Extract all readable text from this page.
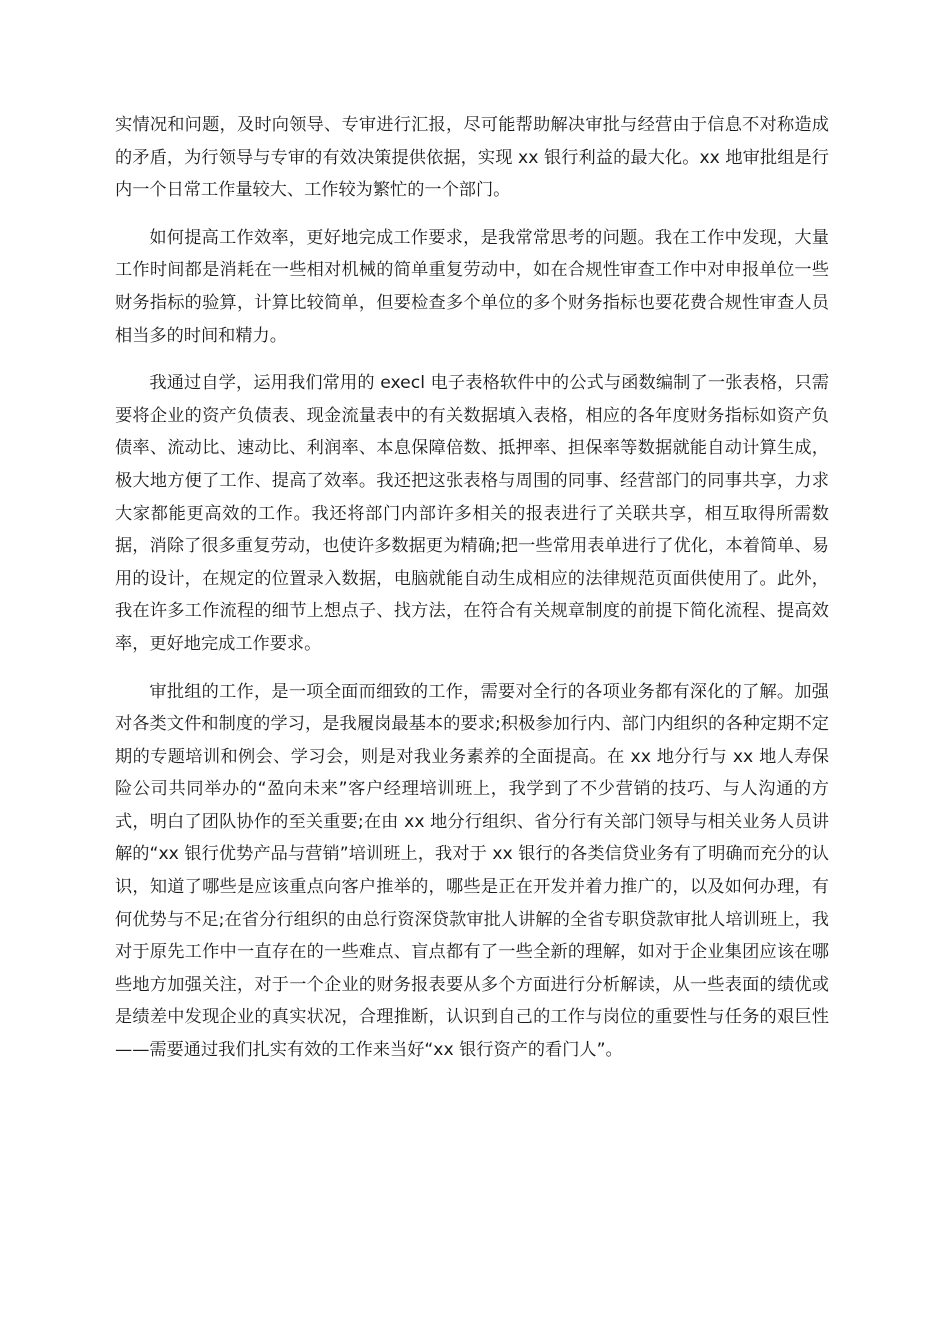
实情况和问题，及时向领导、专审进行汇报，尽可能帮助解决审批与经营由于信息不对称造成的矛盾，为行领导与专审的有效决策提供依据，实现 xx 银行利益的最大化。xx 地审批组是行内一个日常工作量较大、工作较为繁忙的一个部门。

如何提高工作效率，更好地完成工作要求，是我常常思考的问题。我在工作中发现，大量工作时间都是消耗在一些相对机械的简单重复劳动中，如在合规性审查工作中对申报单位一些财务指标的验算，计算比较简单，但要检查多个单位的多个财务指标也要花费合规性审查人员相当多的时间和精力。

我通过自学，运用我们常用的 execl 电子表格软件中的公式与函数编制了一张表格，只需要将企业的资产负债表、现金流量表中的有关数据填入表格，相应的各年度财务指标如资产负债率、流动比、速动比、利润率、本息保障倍数、抵押率、担保率等数据就能自动计算生成，极大地方便了工作、提高了效率。我还把这张表格与周围的同事、经营部门的同事共享，力求大家都能更高效的工作。我还将部门内部许多相关的报表进行了关联共享，相互取得所需数据，消除了很多重复劳动，也使许多数据更为精确;把一些常用表单进行了优化，本着简单、易用的设计，在规定的位置录入数据，电脑就能自动生成相应的法律规范页面供使用了。此外，我在许多工作流程的细节上想点子、找方法，在符合有关规章制度的前提下简化流程、提高效率，更好地完成工作要求。

审批组的工作，是一项全面而细致的工作，需要对全行的各项业务都有深化的了解。加强对各类文件和制度的学习，是我履岗最基本的要求;积极参加行内、部门内组织的各种定期不定期的专题培训和例会、学习会，则是对我业务素养的全面提高。在 xx 地分行与 xx 地人寿保险公司共同举办的“盈向未来”客户经理培训班上，我学到了不少营销的技巧、与人沟通的方式，明白了团队协作的至关重要;在由 xx 地分行组织、省分行有关部门领导与相关业务人员讲解的“xx 银行优势产品与营销”培训班上，我对于 xx 银行的各类信贷业务有了明确而充分的认识，知道了哪些是应该重点向客户推举的，哪些是正在开发并着力推广的，以及如何办理，有何优势与不足;在省分行组织的由总行资深贷款审批人讲解的全省专职贷款审批人培训班上，我对于原先工作中一直存在的一些难点、盲点都有了一些全新的理解，如对于企业集团应该在哪些地方加强关注，对于一个企业的财务报表要从多个方面进行分析解读，从一些表面的绩优或是绩差中发现企业的真实状况，合理推断，认识到自己的工作与岗位的重要性与任务的艰巨性——需要通过我们扎实有效的工作来当好“xx 银行资产的看门人”。
